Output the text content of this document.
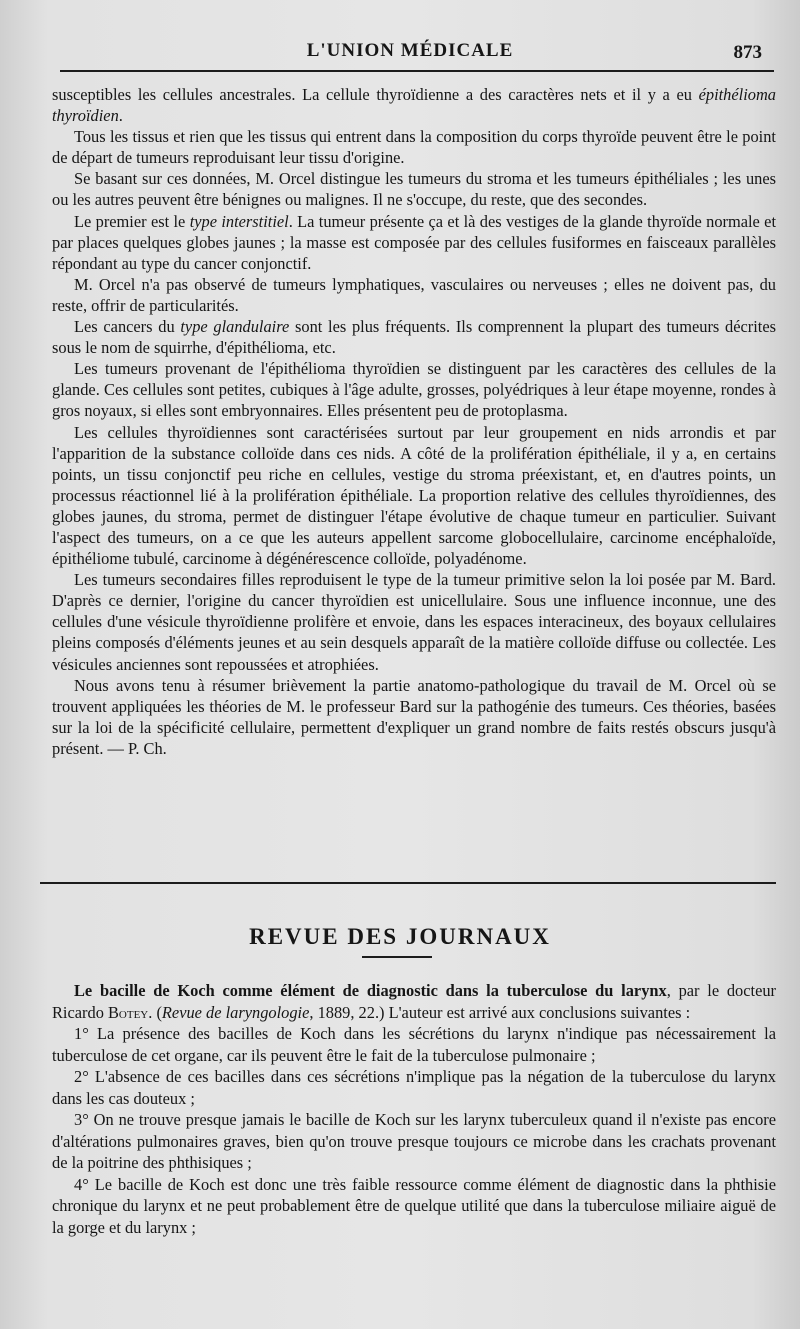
L'UNION MÉDICALE	873

susceptibles les cellules ancestrales. La cellule thyroïdienne a des caractères nets et il y a eu épithélioma thyroïdien.

Tous les tissus et rien que les tissus qui entrent dans la composition du corps thyroïde peuvent être le point de départ de tumeurs reproduisant leur tissu d'origine.

Se basant sur ces données, M. Orcel distingue les tumeurs du stroma et les tumeurs épithéliales ; les unes ou les autres peuvent être bénignes ou malignes. Il ne s'occupe, du reste, que des secondes.

Le premier est le type interstitiel. La tumeur présente ça et là des vestiges de la glande thyroïde normale et par places quelques globes jaunes ; la masse est composée par des cellules fusiformes en faisceaux parallèles répondant au type du cancer conjonctif.

M. Orcel n'a pas observé de tumeurs lymphatiques, vasculaires ou nerveuses ; elles ne doivent pas, du reste, offrir de particularités.

Les cancers du type glandulaire sont les plus fréquents. Ils comprennent la plupart des tumeurs décrites sous le nom de squirrhe, d'épithélioma, etc.

Les tumeurs provenant de l'épithélioma thyroïdien se distinguent par les caractères des cellules de la glande. Ces cellules sont petites, cubiques à l'âge adulte, grosses, polyédriques à leur étape moyenne, rondes à gros noyaux, si elles sont embryonnaires. Elles présentent peu de protoplasma.

Les cellules thyroïdiennes sont caractérisées surtout par leur groupement en nids arrondis et par l'apparition de la substance colloïde dans ces nids. A côté de la prolifération épithéliale, il y a, en certains points, un tissu conjonctif peu riche en cellules, vestige du stroma préexistant, et, en d'autres points, un processus réactionnel lié à la prolifération épithéliale. La proportion relative des cellules thyroïdiennes, des globes jaunes, du stroma, permet de distinguer l'étape évolutive de chaque tumeur en particulier. Suivant l'aspect des tumeurs, on a ce que les auteurs appellent sarcome globocellulaire, carcinome encéphaloïde, épithéliome tubulé, carcinome à dégénérescence colloïde, polyadénome.

Les tumeurs secondaires filles reproduisent le type de la tumeur primitive selon la loi posée par M. Bard. D'après ce dernier, l'origine du cancer thyroïdien est unicellulaire. Sous une influence inconnue, une des cellules d'une vésicule thyroïdienne prolifère et envoie, dans les espaces interacineux, des boyaux cellulaires pleins composés d'éléments jeunes et au sein desquels apparaît de la matière colloïde diffuse ou collectée. Les vésicules anciennes sont repoussées et atrophiées.

Nous avons tenu à résumer brièvement la partie anatomo-pathologique du travail de M. Orcel où se trouvent appliquées les théories de M. le professeur Bard sur la pathogénie des tumeurs. Ces théories, basées sur la loi de la spécificité cellulaire, permettent d'expliquer un grand nombre de faits restés obscurs jusqu'à présent. — P. Ch.

REVUE DES JOURNAUX

Le bacille de Koch comme élément de diagnostic dans la tuberculose du larynx, par le docteur Ricardo Botey. (Revue de laryngologie, 1889, 22.) L'auteur est arrivé aux conclusions suivantes :

1° La présence des bacilles de Koch dans les sécrétions du larynx n'indique pas nécessairement la tuberculose de cet organe, car ils peuvent être le fait de la tuberculose pulmonaire ;

2° L'absence de ces bacilles dans ces sécrétions n'implique pas la négation de la tuberculose du larynx dans les cas douteux ;

3° On ne trouve presque jamais le bacille de Koch sur les larynx tuberculeux quand il n'existe pas encore d'altérations pulmonaires graves, bien qu'on trouve presque toujours ce microbe dans les crachats provenant de la poitrine des phthisiques ;

4° Le bacille de Koch est donc une très faible ressource comme élément de diagnostic dans la phthisie chronique du larynx et ne peut probablement être de quelque utilité que dans la tuberculose miliaire aiguë de la gorge et du larynx ;
